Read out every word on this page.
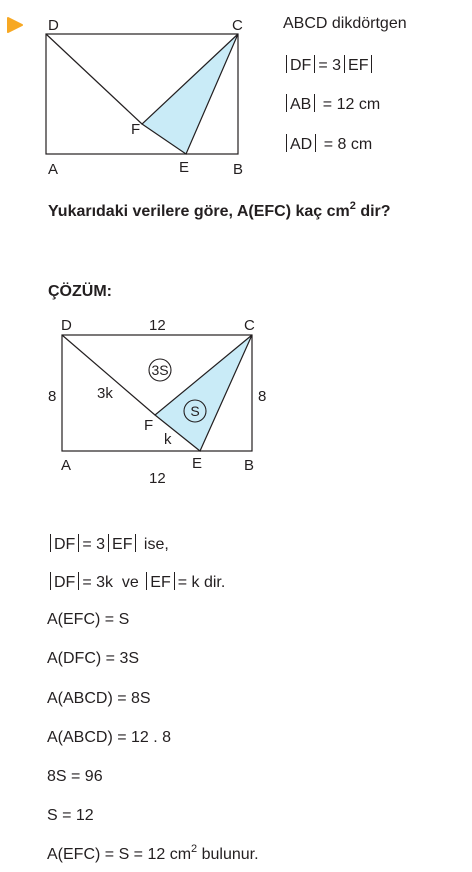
D	C
A	B
E
F
ABCD dikdörtgen
DF = 3 EF
AB = 12 cm
AD = 8 cm
Yukarıdaki verilere göre, A(EFC) kaç $cm^2$ dir?
ÇÖZÜM:
D	C
A	B
E
F
12
12
8	8
3k
k
3S
S
DF = 3 EF ise,
DF = 3k  ve EF = k dir.
A(EFC) = S
A(DFC) = 3S
A(ABCD) = 8S
A(ABCD) = 12 . 8
8S = 96
S = 12
A(EFC) = S = 12 $cm^2$ bulunur.
